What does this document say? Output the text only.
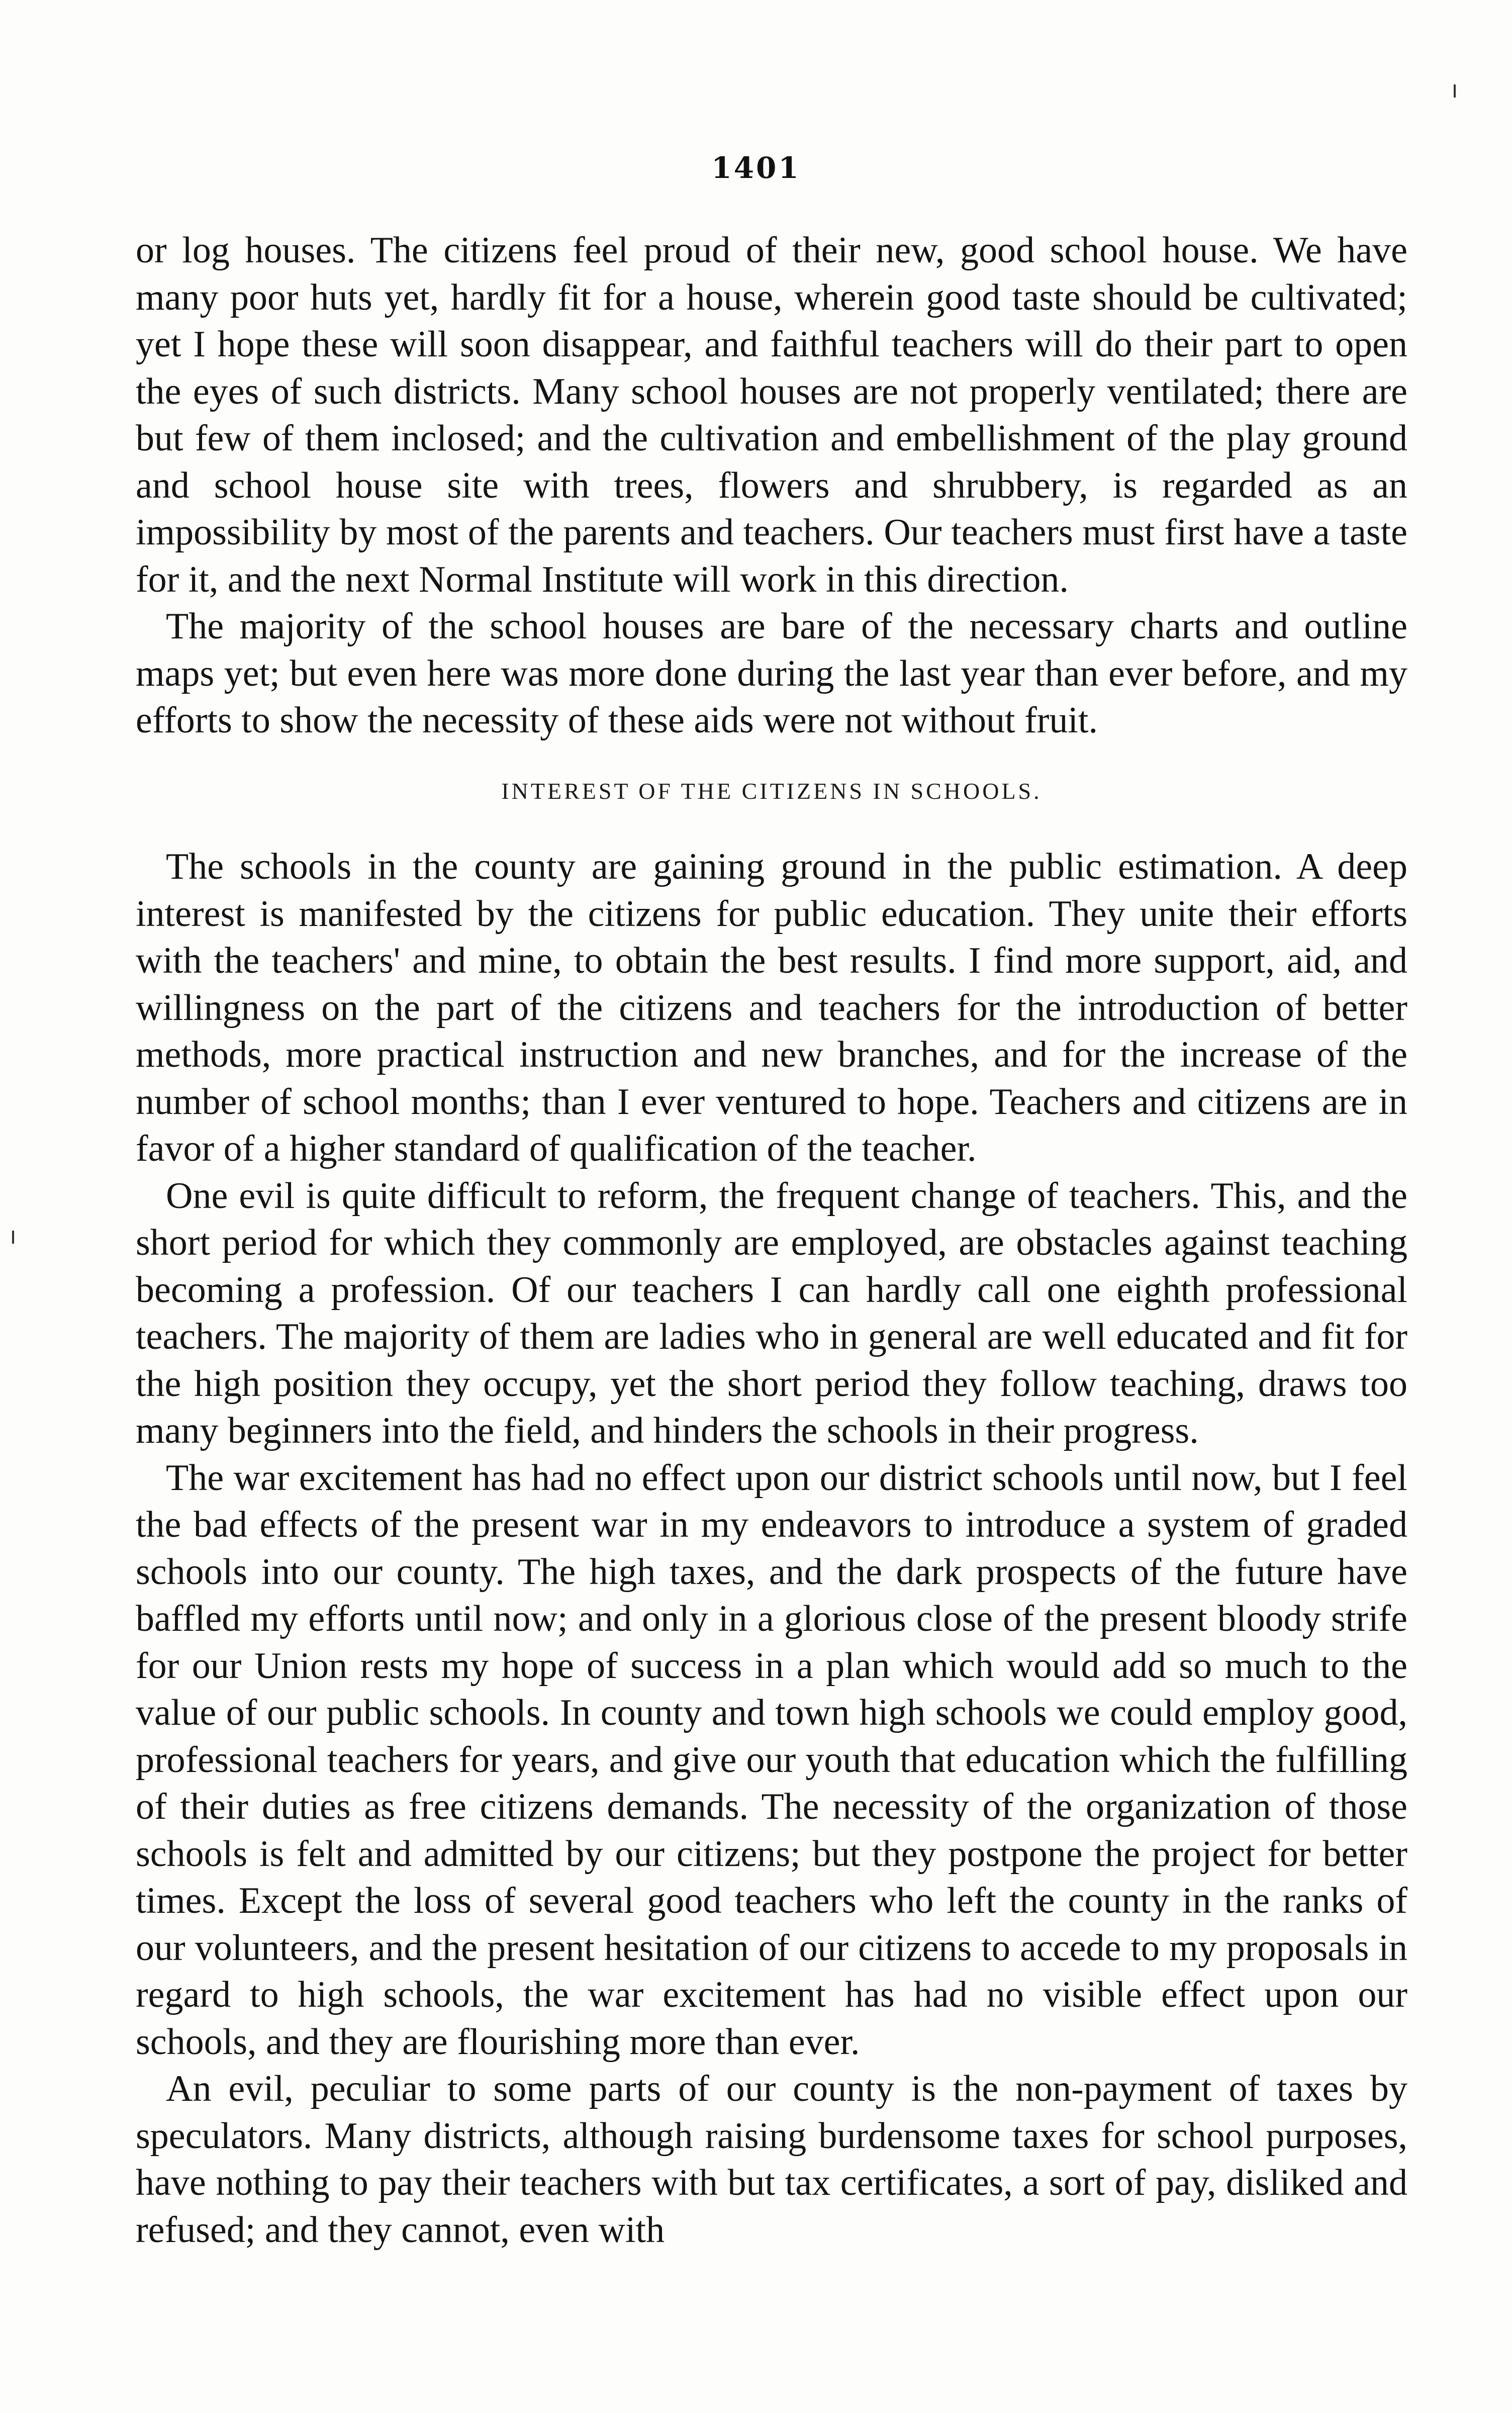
1401

or log houses. The citizens feel proud of their new, good school house. We have many poor huts yet, hardly fit for a house, wherein good taste should be cultivated; yet I hope these will soon disappear, and faithful teachers will do their part to open the eyes of such districts. Many school houses are not properly ventilated; there are but few of them inclosed; and the cultivation and embellishment of the play ground and school house site with trees, flowers and shrubbery, is regarded as an impossibility by most of the parents and teachers. Our teachers must first have a taste for it, and the next Normal Institute will work in this direction.

The majority of the school houses are bare of the necessary charts and outline maps yet; but even here was more done during the last year than ever before, and my efforts to show the necessity of these aids were not without fruit.

INTEREST OF THE CITIZENS IN SCHOOLS.

The schools in the county are gaining ground in the public estimation. A deep interest is manifested by the citizens for public education. They unite their efforts with the teachers' and mine, to obtain the best results. I find more support, aid, and willingness on the part of the citizens and teachers for the introduction of better methods, more practical instruction and new branches, and for the increase of the number of school months; than I ever ventured to hope. Teachers and citizens are in favor of a higher standard of qualification of the teacher.

One evil is quite difficult to reform, the frequent change of teachers. This, and the short period for which they commonly are employed, are obstacles against teaching becoming a profession. Of our teachers I can hardly call one eighth professional teachers. The majority of them are ladies who in general are well educated and fit for the high position they occupy, yet the short period they follow teaching, draws too many beginners into the field, and hinders the schools in their progress.

The war excitement has had no effect upon our district schools until now, but I feel the bad effects of the present war in my endeavors to introduce a system of graded schools into our county. The high taxes, and the dark prospects of the future have baffled my efforts until now; and only in a glorious close of the present bloody strife for our Union rests my hope of success in a plan which would add so much to the value of our public schools. In county and town high schools we could employ good, professional teachers for years, and give our youth that education which the fulfilling of their duties as free citizens demands. The necessity of the organization of those schools is felt and admitted by our citizens; but they postpone the project for better times. Except the loss of several good teachers who left the county in the ranks of our volunteers, and the present hesitation of our citizens to accede to my proposals in regard to high schools, the war excitement has had no visible effect upon our schools, and they are flourishing more than ever.

An evil, peculiar to some parts of our county is the non-payment of taxes by speculators. Many districts, although raising burdensome taxes for school purposes, have nothing to pay their teachers with but tax certificates, a sort of pay, disliked and refused; and they cannot, even with
